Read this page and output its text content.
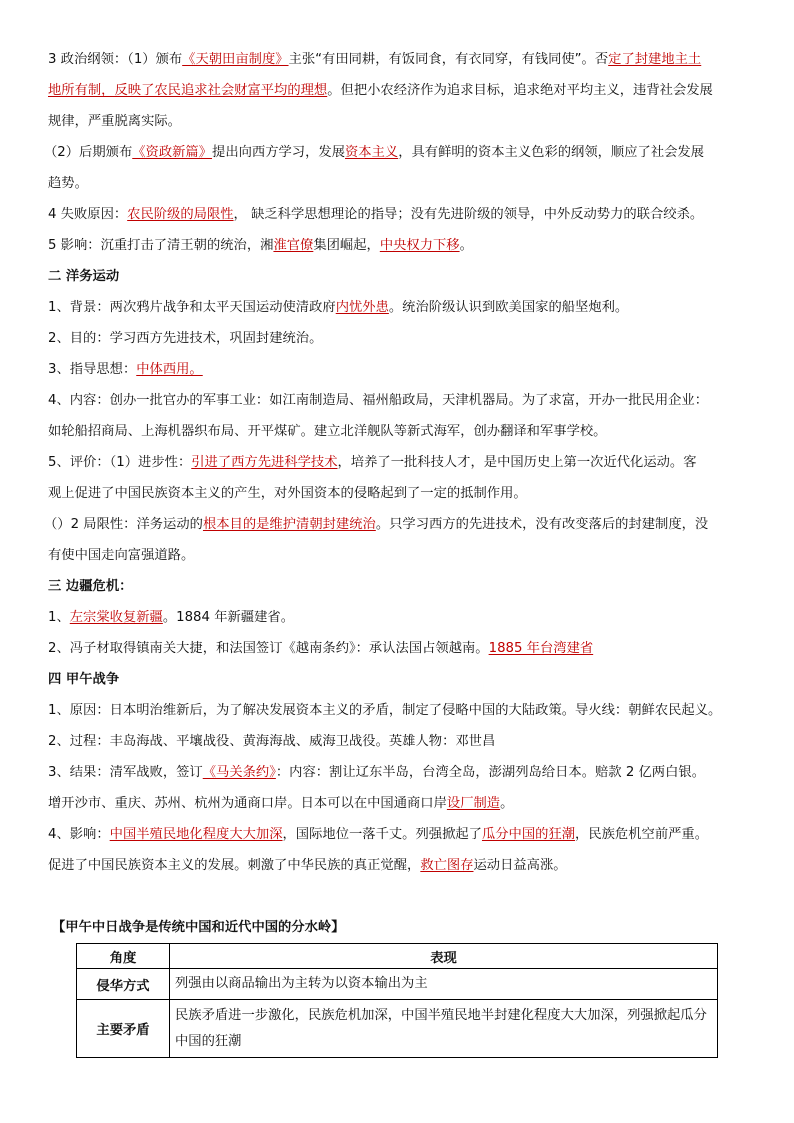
3 政治纲领：（1）颁布《天朝田亩制度》主张“有田同耕，有饭同食，有衣同穿，有钱同使”。否定了封建地主土
地所有制，反映了农民追求社会财富平均的理想。但把小农经济作为追求目标，追求绝对平均主义，违背社会发展
规律，严重脱离实际。
（2）后期颁布《资政新篇》提出向西方学习，发展资本主义，具有鲜明的资本主义色彩的纲领，顺应了社会发展
趋势。
4 失败原因：农民阶级的局限性， 缺乏科学思想理论的指导；没有先进阶级的领导，中外反动势力的联合绞杀。
5 影响：沉重打击了清王朝的统治，湘淮官僚集团崛起，中央权力下移。
二 洋务运动
1、背景：两次鸦片战争和太平天国运动使清政府内忧外患。统治阶级认识到欧美国家的船坚炮利。
2、目的：学习西方先进技术，巩固封建统治。
3、指导思想：中体西用。
4、内容：创办一批官办的军事工业：如江南制造局、福州船政局，天津机器局。为了求富，开办一批民用企业：
如轮船招商局、上海机器织布局、开平煤矿。建立北洋舰队等新式海军，创办翻译和军事学校。
5、评价：（1）进步性：引进了西方先进科学技术，培养了一批科技人才，是中国历史上第一次近代化运动。客
观上促进了中国民族资本主义的产生，对外国资本的侵略起到了一定的抵制作用。
（）2 局限性：洋务运动的根本目的是维护清朝封建统治。只学习西方的先进技术，没有改变落后的封建制度，没
有使中国走向富强道路。
三 边疆危机：
1、左宗棠收复新疆。1884 年新疆建省。
2、冯子材取得镇南关大捷，和法国签订《越南条约》：承认法国占领越南。1885 年台湾建省
四 甲午战争
1、原因：日本明治维新后，为了解决发展资本主义的矛盾，制定了侵略中国的大陆政策。导火线：朝鲜农民起义。
2、过程：丰岛海战、平壤战役、黄海海战、威海卫战役。英雄人物：邓世昌
3、结果：清军战败，签订《马关条约》：内容：割让辽东半岛，台湾全岛，澎湖列岛给日本。赔款 2 亿两白银。
增开沙市、重庆、苏州、杭州为通商口岸。日本可以在中国通商口岸设厂制造。
4、影响：中国半殖民地化程度大大加深，国际地位一落千丈。列强掀起了瓜分中国的狂潮，民族危机空前严重。
促进了中国民族资本主义的发展。刺激了中华民族的真正觉醒，救亡图存运动日益高涨。
【甲午中日战争是传统中国和近代中国的分水岭】
角度	表现
侵华方式	列强由以商品输出为主转为以资本输出为主
主要矛盾	民族矛盾进一步激化，民族危机加深，中国半殖民地半封建化程度大大加深，列强掀起瓜分中国的狂潮
